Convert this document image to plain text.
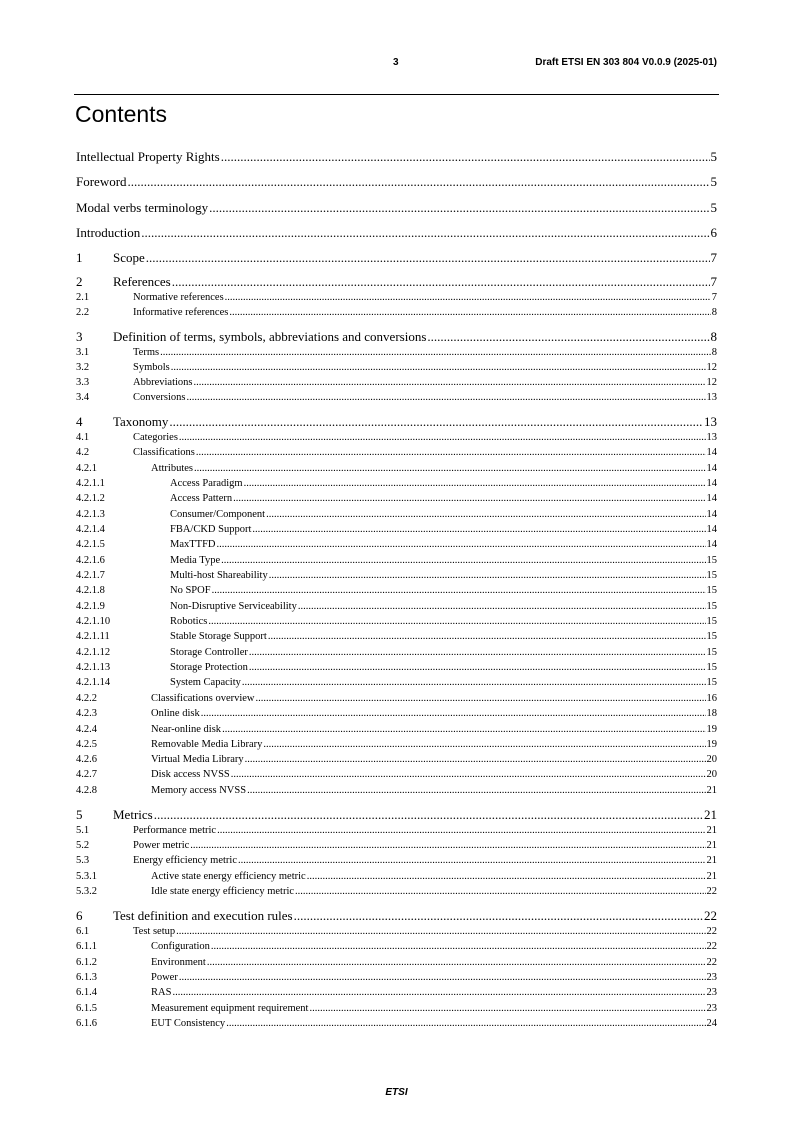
3	Draft ETSI EN 303 804 V0.0.9 (2025-01)
Contents
Intellectual Property Rights .....	5
Foreword .....	5
Modal verbs terminology .....	5
Introduction .....	6
1	Scope .....	7
2	References .....	7
2.1	Normative references .....	7
2.2	Informative references .....	8
3	Definition of terms, symbols, abbreviations and conversions .....	8
3.1	Terms .....	8
3.2	Symbols .....	12
3.3	Abbreviations .....	12
3.4	Conversions .....	13
4	Taxonomy .....	13
4.1	Categories .....	13
4.2	Classifications .....	14
4.2.1	Attributes .....	14
4.2.1.1	Access Paradigm .....	14
4.2.1.2	Access Pattern .....	14
4.2.1.3	Consumer/Component .....	14
4.2.1.4	FBA/CKD Support .....	14
4.2.1.5	MaxTTFD .....	14
4.2.1.6	Media Type .....	15
4.2.1.7	Multi-host Shareability .....	15
4.2.1.8	No SPOF .....	15
4.2.1.9	Non-Disruptive Serviceability .....	15
4.2.1.10	Robotics .....	15
4.2.1.11	Stable Storage Support .....	15
4.2.1.12	Storage Controller .....	15
4.2.1.13	Storage Protection .....	15
4.2.1.14	System Capacity .....	15
4.2.2	Classifications overview .....	16
4.2.3	Online disk .....	18
4.2.4	Near-online disk .....	19
4.2.5	Removable Media Library .....	19
4.2.6	Virtual Media Library .....	20
4.2.7	Disk access NVSS .....	20
4.2.8	Memory access NVSS .....	21
5	Metrics .....	21
5.1	Performance metric .....	21
5.2	Power metric .....	21
5.3	Energy efficiency metric .....	21
5.3.1	Active state energy efficiency metric .....	21
5.3.2	Idle state energy efficiency metric .....	22
6	Test definition and execution rules .....	22
6.1	Test setup .....	22
6.1.1	Configuration .....	22
6.1.2	Environment .....	22
6.1.3	Power .....	23
6.1.4	RAS .....	23
6.1.5	Measurement equipment requirement .....	23
6.1.6	EUT Consistency .....	24
ETSI
